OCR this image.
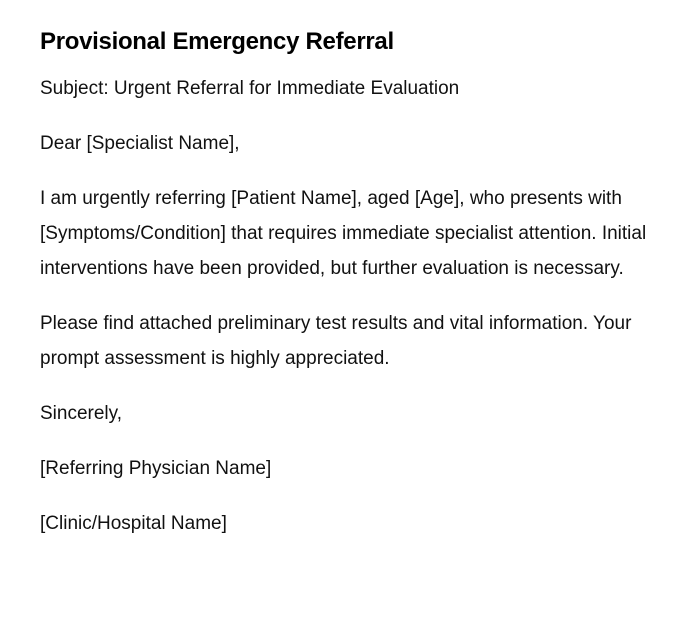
Provisional Emergency Referral

Subject: Urgent Referral for Immediate Evaluation

Dear [Specialist Name],

I am urgently referring [Patient Name], aged [Age], who presents with [Symptoms/Condition] that requires immediate specialist attention. Initial interventions have been provided, but further evaluation is necessary.

Please find attached preliminary test results and vital information. Your prompt assessment is highly appreciated.

Sincerely,

[Referring Physician Name]

[Clinic/Hospital Name]
